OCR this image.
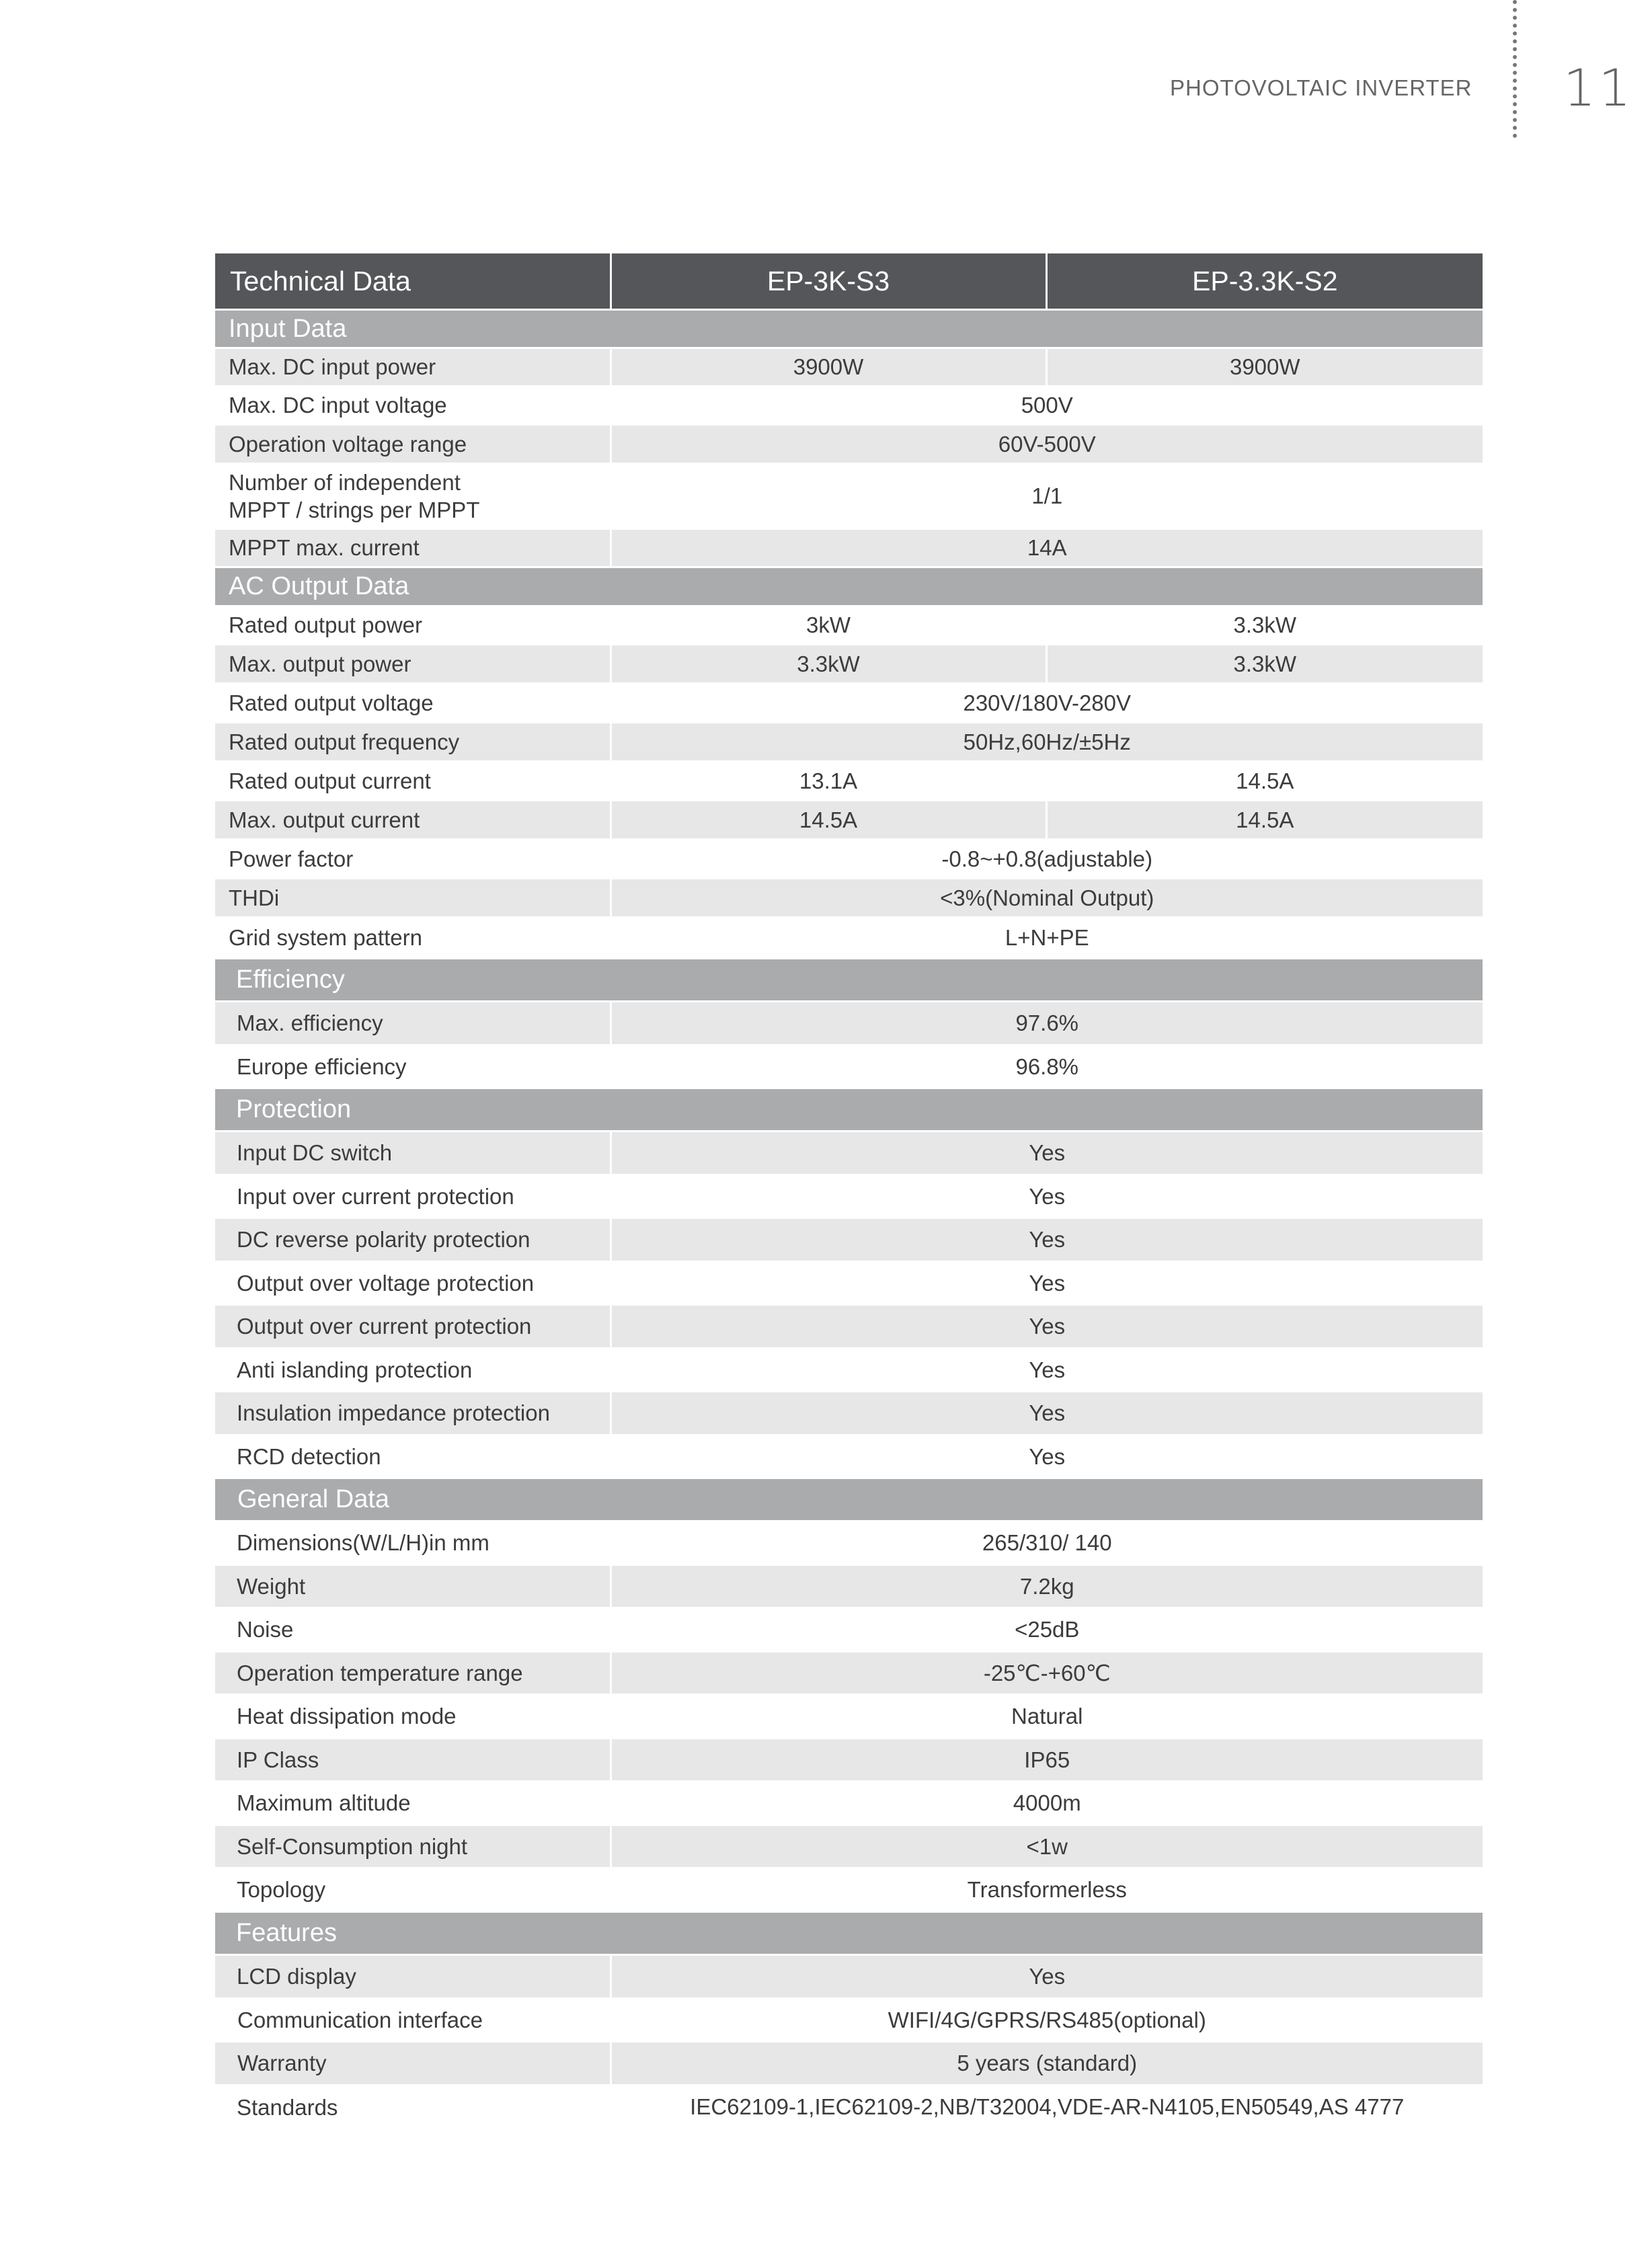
PHOTOVOLTAIC INVERTER 11
Technical Data	EP-3K-S3	EP-3.3K-S2
Input Data		
Max. DC input power	3900W	3900W
Max. DC input voltage	500V	
Operation voltage range	60V-500V	
Number of independent
MPPT / strings per MPPT	1/1	
MPPT max. current	14A	
AC Output Data		
Rated output power	3kW	3.3kW
Max. output power	3.3kW	3.3kW
Rated output voltage	230V/180V-280V	
Rated output frequency	50Hz,60Hz/±5Hz	
Rated output current	13.1A	14.5A
Max. output current	14.5A	14.5A
Power factor	-0.8~+0.8(adjustable)	
THDi	<3%(Nominal Output)	
Grid system pattern	L+N+PE	
Efficiency		
Max. efficiency	97.6%	
Europe efficiency	96.8%	
Protection		
Input DC switch	Yes	
Input over current protection	Yes	
DC reverse polarity protection	Yes	
Output over voltage protection	Yes	
Output over current protection	Yes	
Anti islanding protection	Yes	
Insulation impedance protection	Yes	
RCD detection	Yes	
General Data		
Dimensions(W/L/H)in mm	265/310/ 140	
Weight	7.2kg	
Noise	<25dB	
Operation temperature range	-25℃-+60℃	
Heat dissipation mode	Natural	
IP Class	IP65	
Maximum altitude	4000m	
Self-Consumption night	<1w	
Topology	Transformerless	
Features		
LCD display	Yes	
Communication interface	WIFI/4G/GPRS/RS485(optional)	
Warranty	5 years (standard)	
Standards	IEC62109-1,IEC62109-2,NB/T32004,VDE-AR-N4105,EN50549,AS 4777	
